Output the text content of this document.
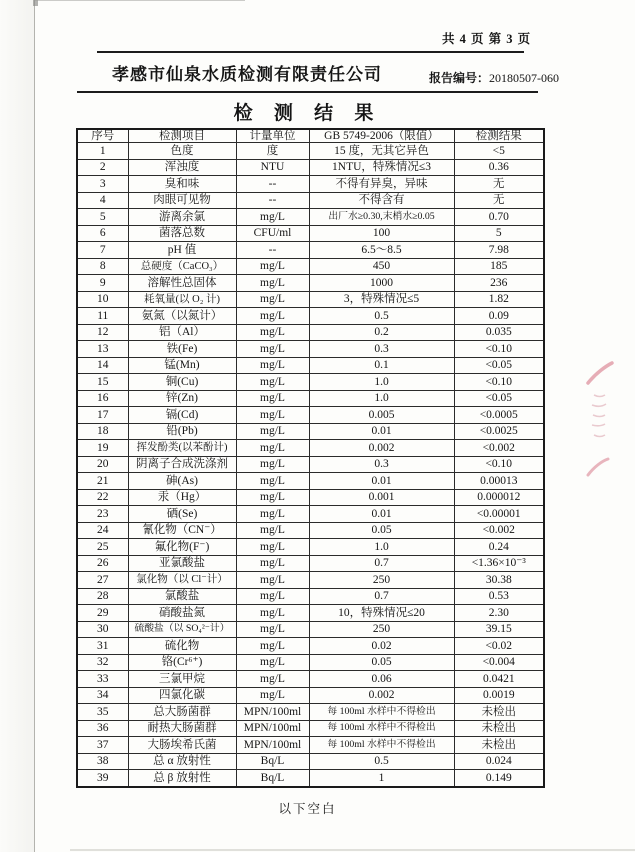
共 4 页 第 3 页
孝感市仙泉水质检测有限责任公司	报告编号：20180507-060
检 测 结 果
序号	检测项目	计量单位	GB 5749-2006（限值）	检测结果
1	色度	度	15 度，无其它异色	<5
2	浑浊度	NTU	1NTU，特殊情况≤3	0.36
3	臭和味	--	不得有异臭，异味	无
4	肉眼可见物	--	不得含有	无
5	游离余氯	mg/L	出厂水≥0.30,末梢水≥0.05	0.70
6	菌落总数	CFU/ml	100	5
7	pH 值	--	6.5～8.5	7.98
8	总硬度（CaCO₃）	mg/L	450	185
9	溶解性总固体	mg/L	1000	236
10	耗氧量(以 O₂ 计)	mg/L	3，特殊情况≤5	1.82
11	氨氮（以氮计）	mg/L	0.5	0.09
12	铝（Al）	mg/L	0.2	0.035
13	铁(Fe)	mg/L	0.3	<0.10
14	锰(Mn)	mg/L	0.1	<0.05
15	铜(Cu)	mg/L	1.0	<0.10
16	锌(Zn)	mg/L	1.0	<0.05
17	镉(Cd)	mg/L	0.005	<0.0005
18	铅(Pb)	mg/L	0.01	<0.0025
19	挥发酚类(以苯酚计)	mg/L	0.002	<0.002
20	阴离子合成洗涤剂	mg/L	0.3	<0.10
21	砷(As)	mg/L	0.01	0.00013
22	汞（Hg）	mg/L	0.001	0.000012
23	硒(Se)	mg/L	0.01	<0.00001
24	氰化物（CN⁻）	mg/L	0.05	<0.002
25	氟化物(F⁻)	mg/L	1.0	0.24
26	亚氯酸盐	mg/L	0.7	<1.36×10⁻³
27	氯化物（以 Cl⁻计）	mg/L	250	30.38
28	氯酸盐	mg/L	0.7	0.53
29	硝酸盐氮	mg/L	10，特殊情况≤20	2.30
30	硫酸盐（以 SO₄²⁻计）	mg/L	250	39.15
31	硫化物	mg/L	0.02	<0.02
32	铬(Cr⁶⁺)	mg/L	0.05	<0.004
33	三氯甲烷	mg/L	0.06	0.0421
34	四氯化碳	mg/L	0.002	0.0019
35	总大肠菌群	MPN/100ml	每 100ml 水样中不得检出	未检出
36	耐热大肠菌群	MPN/100ml	每 100ml 水样中不得检出	未检出
37	大肠埃希氏菌	MPN/100ml	每 100ml 水样中不得检出	未检出
38	总 α 放射性	Bq/L	0.5	0.024
39	总 β 放射性	Bq/L	1	0.149
以下空白
